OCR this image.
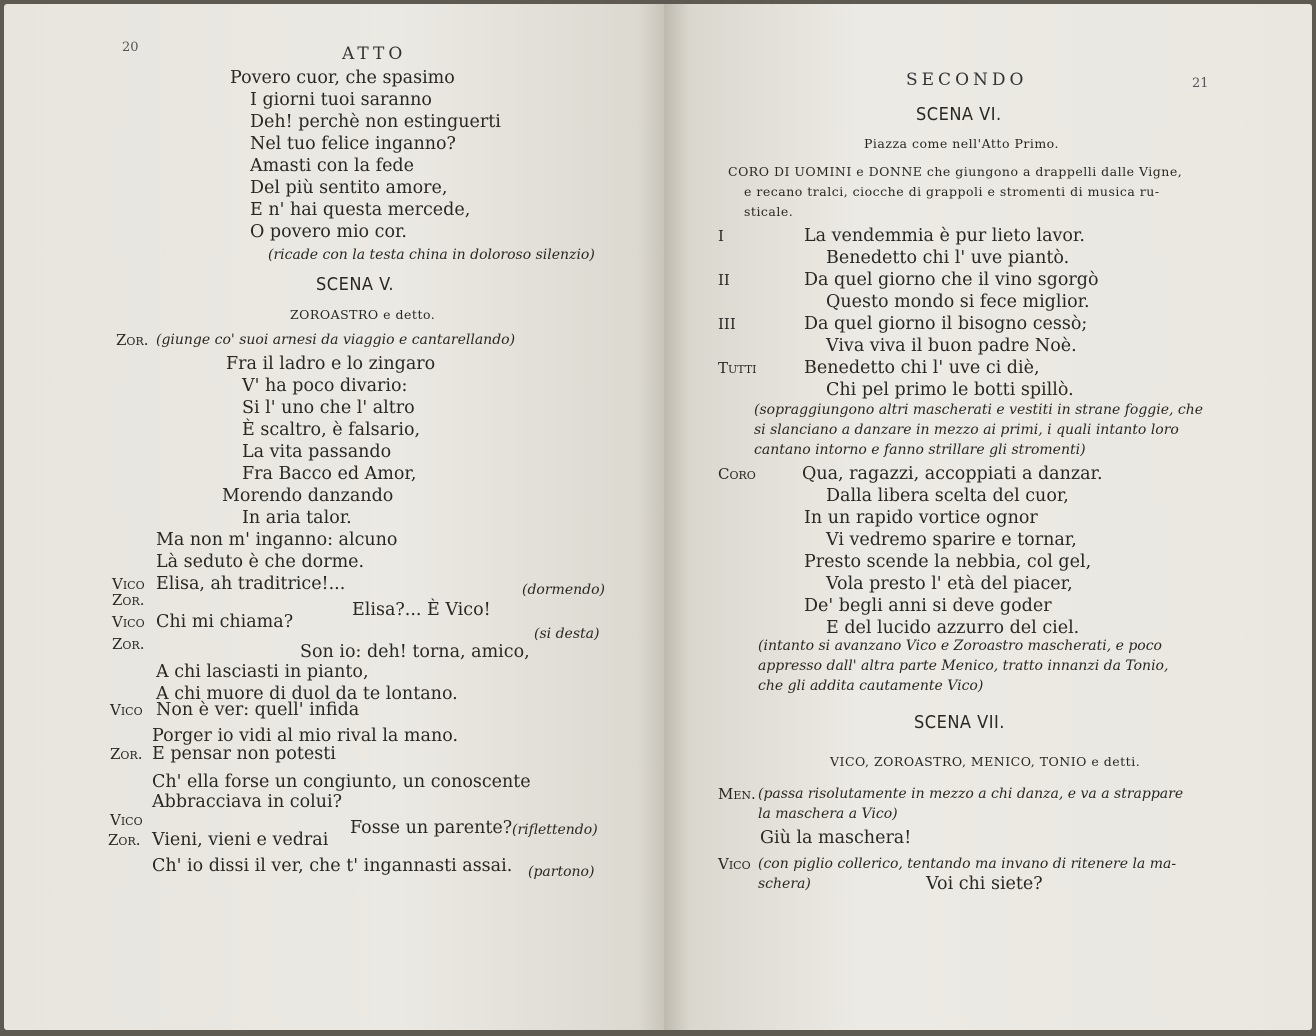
20	ATTO
Povero cuor, che spasimo
I giorni tuoi saranno
Deh! perchè non estinguerti
Nel tuo felice inganno?
Amasti con la fede
Del più sentito amore,
E n' hai questa mercede,
O povero mio cor.
(ricade con la testa china in doloroso silenzio)
SCENA V.
ZOROASTRO e detto.
Zor. (giunge co' suoi arnesi da viaggio e cantarellando)
Fra il ladro e lo zingaro
V' ha poco divario:
Si l' uno che l' altro
È scaltro, è falsario,
La vita passando
Fra Bacco ed Amor,
Morendo danzando
In aria talor.
Ma non m' inganno: alcuno
Là seduto è che dorme.
Vico Elisa, ah traditrice!...	(dormendo)
Zor.	Elisa?... È Vico!
Vico Chi mi chiama?
(si desta)
Zor.	Son io: deh! torna, amico,
A chi lasciasti in pianto,
A chi muore di duol da te lontano.
Vico Non è ver: quell' infida
Porger io vidi al mio rival la mano.
Zor. E pensar non potesti
Ch' ella forse un congiunto, un conoscente
Abbracciava in colui?
Vico	Fosse un parente? (riflettendo)
Zor. Vieni, vieni e vedrai
Ch' io dissi il ver, che t' ingannasti assai. (partono)
SECONDO	21
SCENA VI.
Piazza come nell'Atto Primo.
CORO DI UOMINI e DONNE che giungono a drappelli dalle Vigne,
e recano tralci, ciocche di grappoli e stromenti di musica ru-
sticale.
I	La vendemmia è pur lieto lavor.
Benedetto chi l' uve piantò.
II	Da quel giorno che il vino sgorgò
Questo mondo si fece miglior.
III	Da quel giorno il bisogno cessò;
Viva viva il buon padre Noè.
Tutti	Benedetto chi l' uve ci diè,
Chi pel primo le botti spillò.
(sopraggiungono altri mascherati e vestiti in strane foggie, che
si slanciano a danzare in mezzo ai primi, i quali intanto loro
cantano intorno e fanno strillare gli stromenti)
Coro	Qua, ragazzi, accoppiati a danzar.
Dalla libera scelta del cuor,
In un rapido vortice ognor
Vi vedremo sparire e tornar,
Presto scende la nebbia, col gel,
Vola presto l' età del piacer,
De' begli anni si deve goder
E del lucido azzurro del ciel.
(intanto si avanzano Vico e Zoroastro mascherati, e poco
appresso dall' altra parte Menico, tratto innanzi da Tonio,
che gli addita cautamente Vico)
SCENA VII.
VICO, ZOROASTRO, MENICO, TONIO e detti.
Men. (passa risolutamente in mezzo a chi danza, e va a strappare
la maschera a Vico)
Giù la maschera!
Vico (con piglio collerico, tentando ma invano di ritenere la ma-
schera)	Voi chi siete?
